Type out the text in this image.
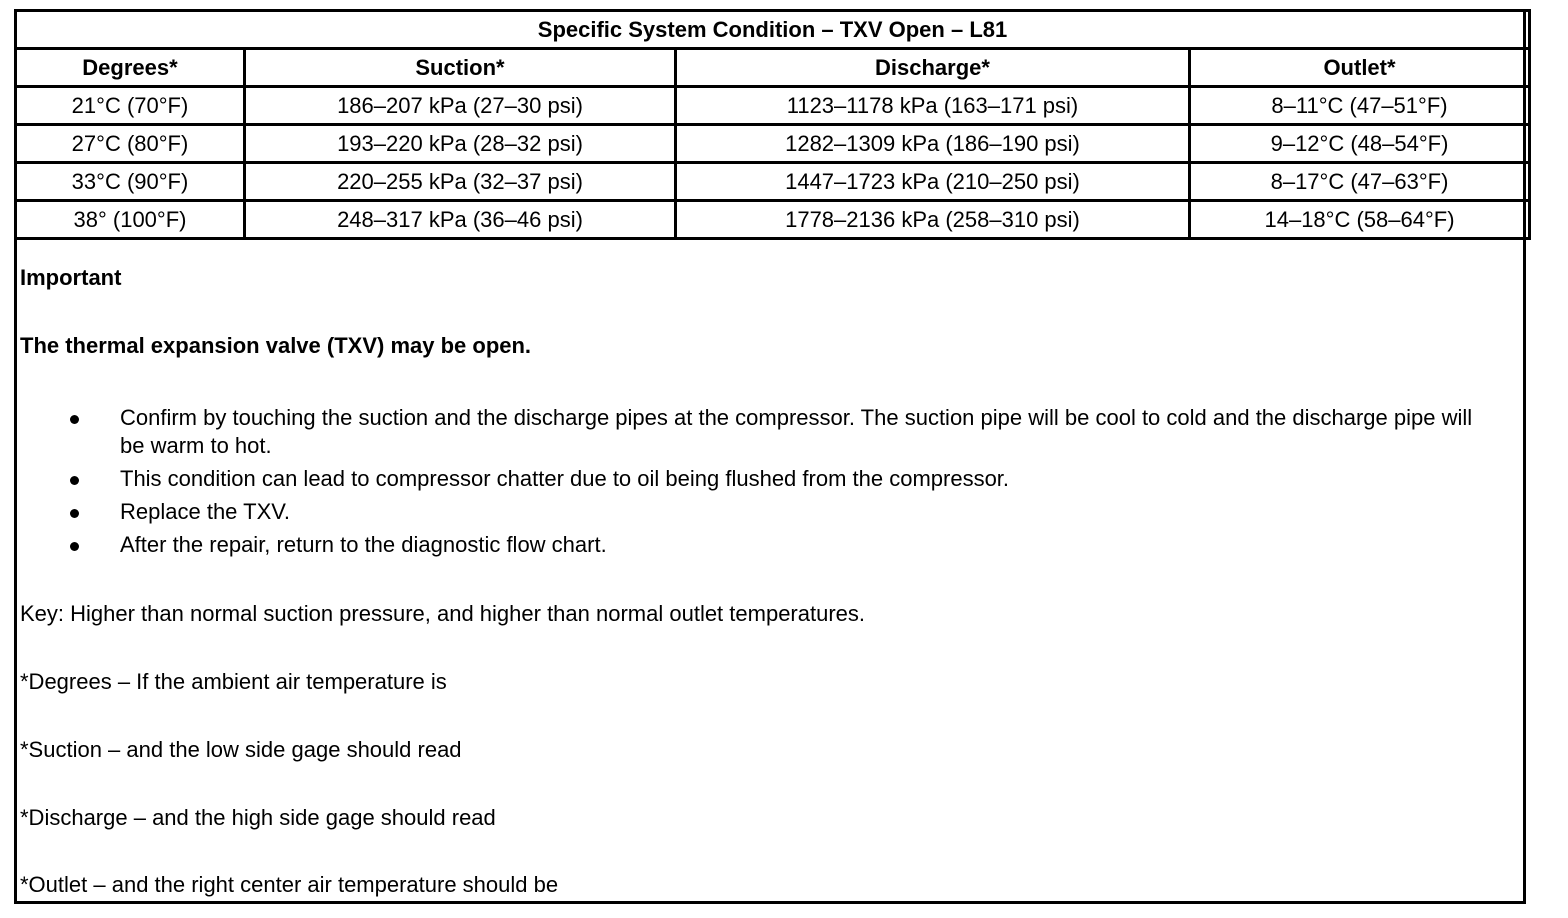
Specific System Condition – TXV Open – L81			
Degrees*	Suction*	Discharge*	Outlet*
21°C (70°F)	186–207 kPa (27–30 psi)	1123–1178 kPa (163–171 psi)	8–11°C (47–51°F)
27°C (80°F)	193–220 kPa (28–32 psi)	1282–1309 kPa (186–190 psi)	9–12°C (48–54°F)
33°C (90°F)	220–255 kPa (32–37 psi)	1447–1723 kPa (210–250 psi)	8–17°C (47–63°F)
38° (100°F)	248–317 kPa (36–46 psi)	1778–2136 kPa (258–310 psi)	14–18°C (58–64°F)

Important

The thermal expansion valve (TXV) may be open.

Confirm by touching the suction and the discharge pipes at the compressor. The suction pipe will be cool to cold and the discharge pipe will be warm to hot.
This condition can lead to compressor chatter due to oil being flushed from the compressor.
Replace the TXV.
After the repair, return to the diagnostic flow chart.

Key: Higher than normal suction pressure, and higher than normal outlet temperatures.

*Degrees – If the ambient air temperature is

*Suction – and the low side gage should read

*Discharge – and the high side gage should read

*Outlet – and the right center air temperature should be
